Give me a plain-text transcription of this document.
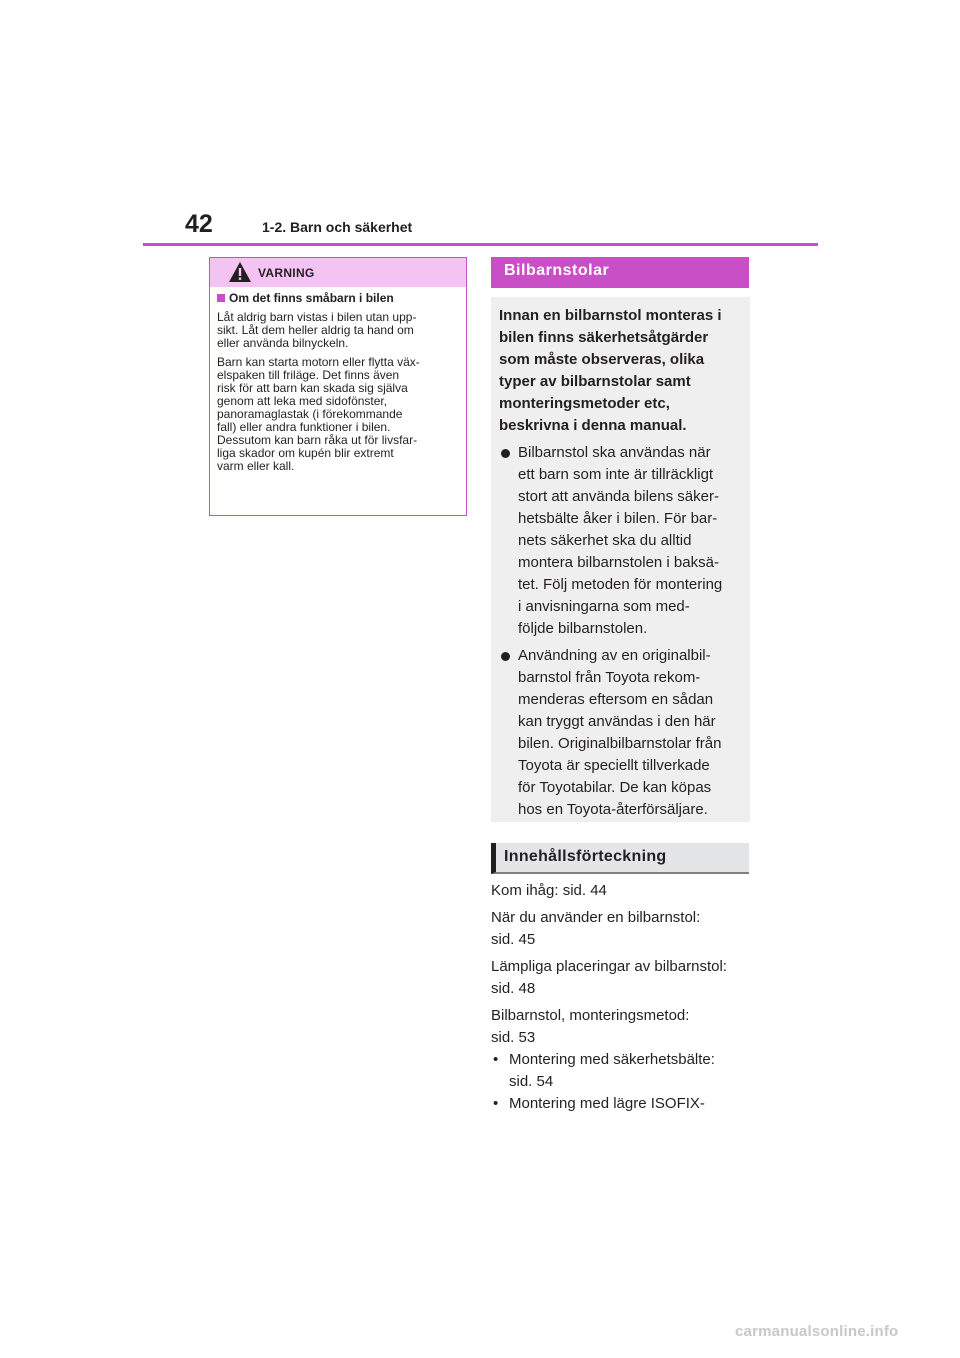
42	1-2. Barn och säkerhet
VARNING

Om det finns småbarn i bilen

Låt aldrig barn vistas i bilen utan upp-
sikt. Låt dem heller aldrig ta hand om
eller använda bilnyckeln.

Barn kan starta motorn eller flytta väx-
elspaken till friläge. Det finns även
risk för att barn kan skada sig själva
genom att leka med sidofönster,
panoramaglastak (i förekommande
fall) eller andra funktioner i bilen.
Dessutom kan barn råka ut för livsfar-
liga skador om kupén blir extremt
varm eller kall.

Bilbarnstolar

Innan en bilbarnstol monteras i
bilen finns säkerhetsåtgärder
som måste observeras, olika
typer av bilbarnstolar samt
monteringsmetoder etc,
beskrivna i denna manual.

Bilbarnstol ska användas när
ett barn som inte är tillräckligt
stort att använda bilens säker-
hetsbälte åker i bilen. För bar-
nets säkerhet ska du alltid
montera bilbarnstolen i baksä-
tet. Följ metoden för montering
i anvisningarna som med-
följde bilbarnstolen.
Användning av en originalbil-
barnstol från Toyota rekom-
menderas eftersom en sådan
kan tryggt användas i den här
bilen. Originalbilbarnstolar från
Toyota är speciellt tillverkade
för Toyotabilar. De kan köpas
hos en Toyota-återförsäljare.
Innehållsförteckning

Kom ihåg: sid. 44

När du använder en bilbarnstol:
sid. 45

Lämpliga placeringar av bilbarnstol:
sid. 48

Bilbarnstol, monteringsmetod:
sid. 53

• Montering med säkerhetsbälte:
sid. 54

• Montering med lägre ISOFIX-

carmanualsonline.info
